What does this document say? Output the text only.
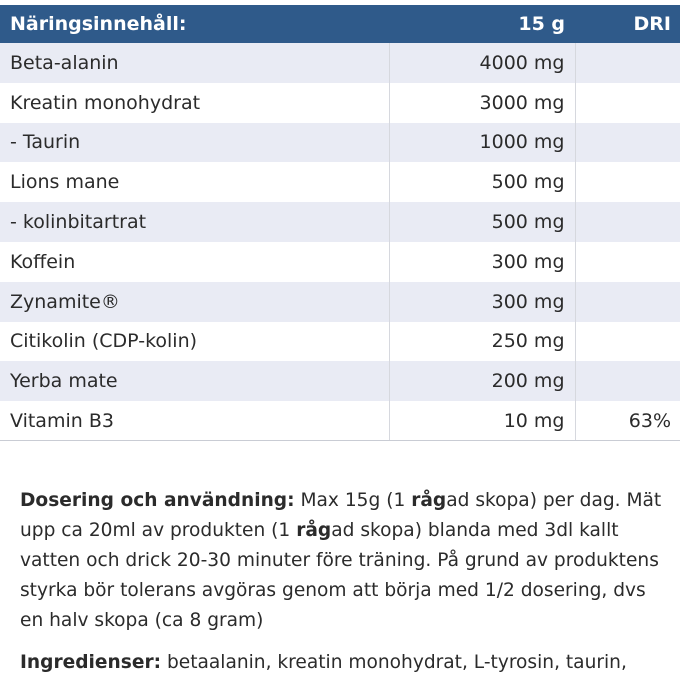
Näringsinnehåll:	15 g	DRI
Beta-alanin	4000 mg	
Kreatin monohydrat	3000 mg	
- Taurin	1000 mg	
Lions mane	500 mg	
- kolinbitartrat	500 mg	
Koffein	300 mg	
Zynamite®	300 mg	
Citikolin (CDP-kolin)	250 mg	
Yerba mate	200 mg	
Vitamin B3	10 mg	63%

Dosering och användning: Max 15g (1 rågad skopa) per dag. Mät upp ca 20ml av produkten (1 rågad skopa) blanda med 3dl kallt vatten och drick 20-30 minuter före träning. På grund av produktens styrka bör tolerans avgöras genom att börja med 1/2 dosering, dvs en halv skopa (ca 8 gram)

Ingredienser: betaalanin, kreatin monohydrat, L-tyrosin, taurin,
